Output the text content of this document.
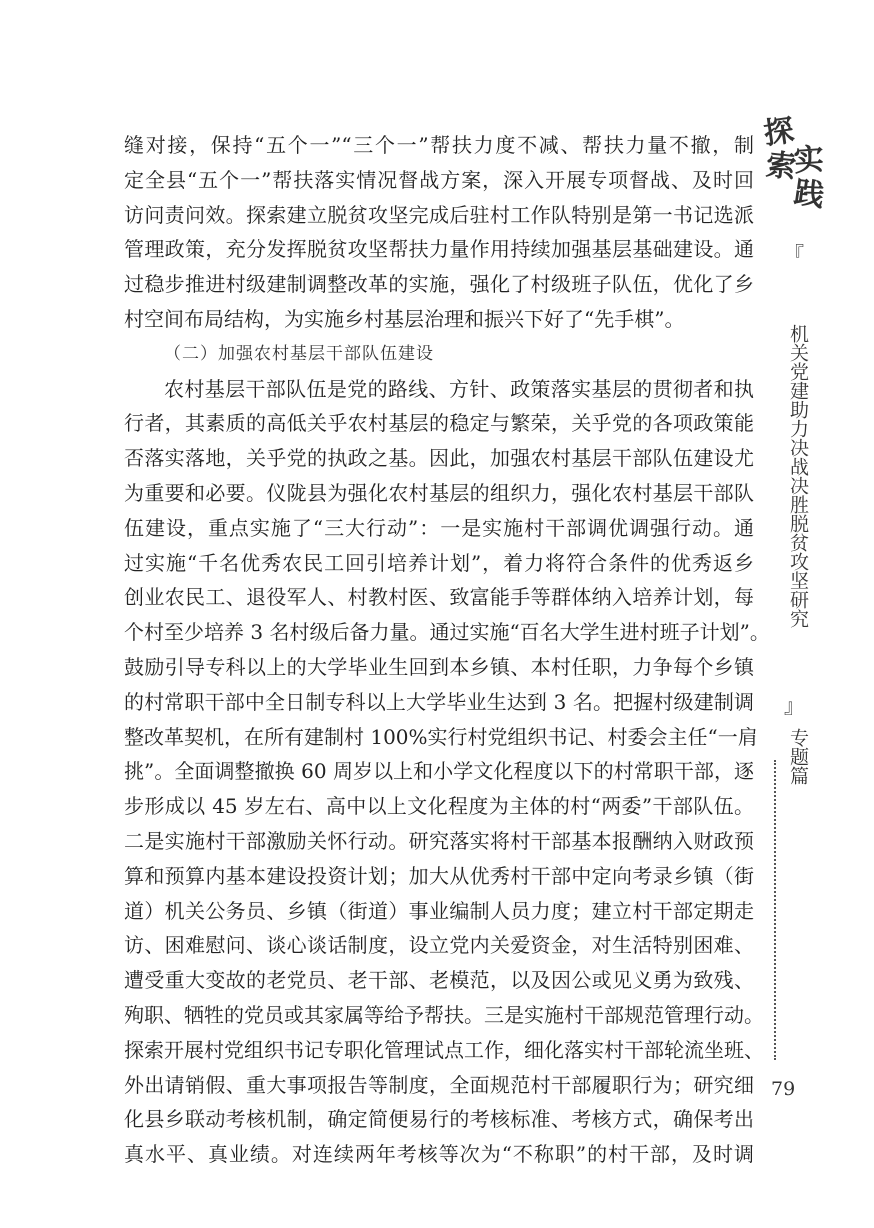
缝对接，保持“五个一”“三个一”帮扶力度不减、帮扶力量不撤，制
定全县“五个一”帮扶落实情况督战方案，深入开展专项督战、及时回
访问责问效。探索建立脱贫攻坚完成后驻村工作队特别是第一书记选派
管理政策，充分发挥脱贫攻坚帮扶力量作用持续加强基层基础建设。通
过稳步推进村级建制调整改革的实施，强化了村级班子队伍，优化了乡
村空间布局结构，为实施乡村基层治理和振兴下好了“先手棋”。
（二）加强农村基层干部队伍建设
农村基层干部队伍是党的路线、方针、政策落实基层的贯彻者和执
行者，其素质的高低关乎农村基层的稳定与繁荣，关乎党的各项政策能
否落实落地，关乎党的执政之基。因此，加强农村基层干部队伍建设尤
为重要和必要。仪陇县为强化农村基层的组织力，强化农村基层干部队
伍建设，重点实施了“三大行动”：一是实施村干部调优调强行动。通
过实施“千名优秀农民工回引培养计划”，着力将符合条件的优秀返乡
创业农民工、退役军人、村教村医、致富能手等群体纳入培养计划，每
个村至少培养 3 名村级后备力量。通过实施“百名大学生进村班子计划”。
鼓励引导专科以上的大学毕业生回到本乡镇、本村任职，力争每个乡镇
的村常职干部中全日制专科以上大学毕业生达到 3 名。把握村级建制调
整改革契机，在所有建制村 100%实行村党组织书记、村委会主任“一肩
挑”。全面调整撤换 60 周岁以上和小学文化程度以下的村常职干部，逐
步形成以 45 岁左右、高中以上文化程度为主体的村“两委”干部队伍。
二是实施村干部激励关怀行动。研究落实将村干部基本报酬纳入财政预
算和预算内基本建设投资计划；加大从优秀村干部中定向考录乡镇（街
道）机关公务员、乡镇（街道）事业编制人员力度；建立村干部定期走
访、困难慰问、谈心谈话制度，设立党内关爱资金，对生活特别困难、
遭受重大变故的老党员、老干部、老模范，以及因公或见义勇为致残、
殉职、牺牲的党员或其家属等给予帮扶。三是实施村干部规范管理行动。
探索开展村党组织书记专职化管理试点工作，细化落实村干部轮流坐班、
外出请销假、重大事项报告等制度，全面规范村干部履职行为；研究细
化县乡联动考核机制，确定简便易行的考核标准、考核方式，确保考出
真水平、真业绩。对连续两年考核等次为“不称职”的村干部，及时调
探
索
实
践
『
机关党建助力决战决胜脱贫攻坚研究
』
专题篇
79
